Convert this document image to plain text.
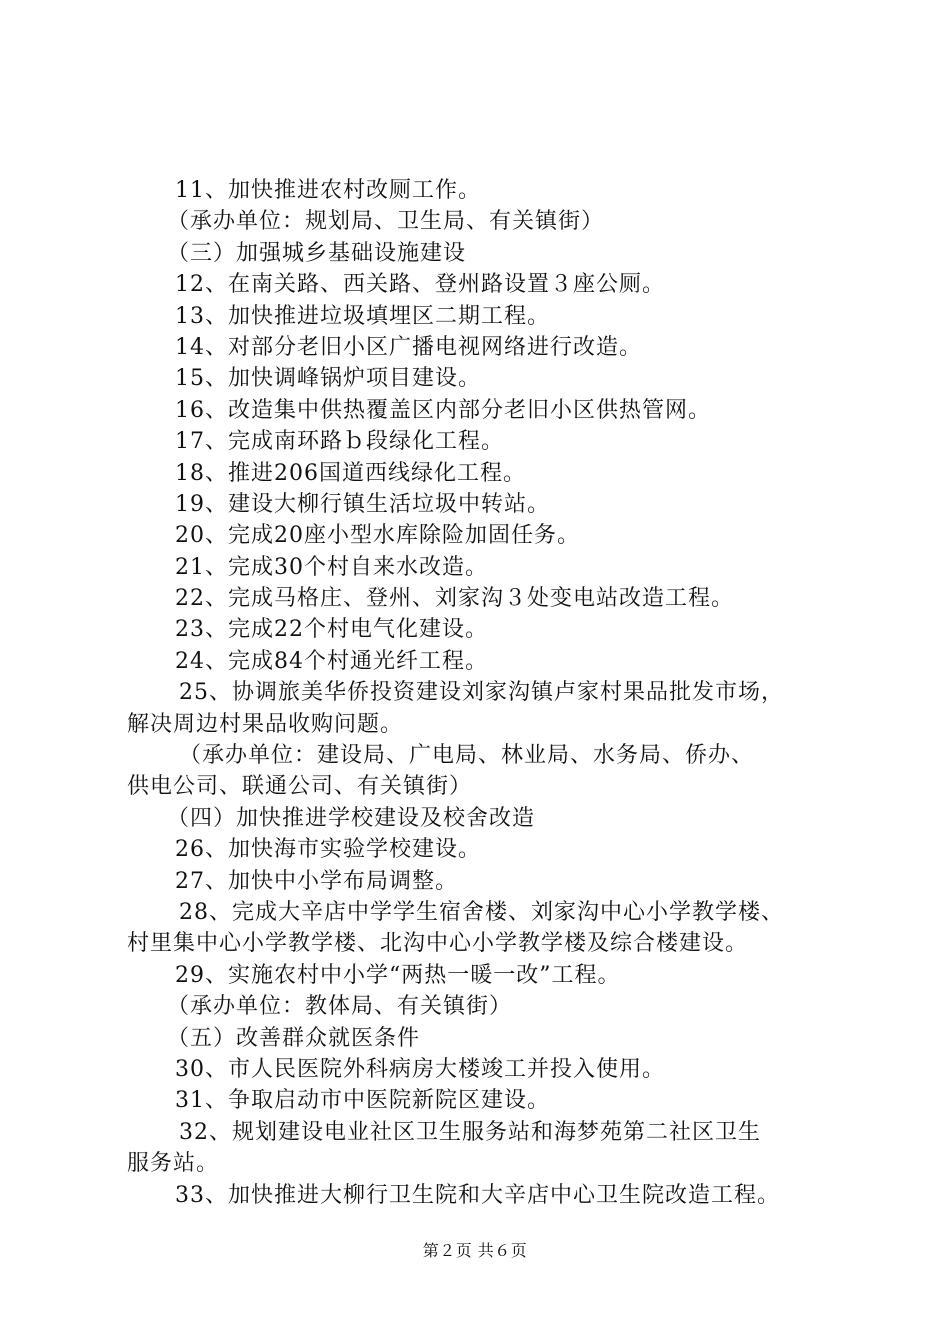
11、加快推进农村改厕工作。
（承办单位：规划局、卫生局、有关镇街）
（三）加强城乡基础设施建设
12、在南关路、西关路、登州路设置３座公厕。
13、加快推进垃圾填埋区二期工程。
14、对部分老旧小区广播电视网络进行改造。
15、加快调峰锅炉项目建设。
16、改造集中供热覆盖区内部分老旧小区供热管网。
17、完成南环路ｂ段绿化工程。
18、推进206国道西线绿化工程。
19、建设大柳行镇生活垃圾中转站。
20、完成20座小型水库除险加固任务。
21、完成30个村自来水改造。
22、完成马格庄、登州、刘家沟３处变电站改造工程。
23、完成22个村电气化建设。
24、完成84个村通光纤工程。
25、协调旅美华侨投资建设刘家沟镇卢家村果品批发市场，
解决周边村果品收购问题。
（承办单位：建设局、广电局、林业局、水务局、侨办、
供电公司、联通公司、有关镇街）
（四）加快推进学校建设及校舍改造
26、加快海市实验学校建设。
27、加快中小学布局调整。
28、完成大辛店中学学生宿舍楼、刘家沟中心小学教学楼、
村里集中心小学教学楼、北沟中心小学教学楼及综合楼建设。
29、实施农村中小学“两热一暖一改”工程。
（承办单位：教体局、有关镇街）
（五）改善群众就医条件
30、市人民医院外科病房大楼竣工并投入使用。
31、争取启动市中医院新院区建设。
32、规划建设电业社区卫生服务站和海梦苑第二社区卫生
服务站。
33、加快推进大柳行卫生院和大辛店中心卫生院改造工程。
第２页 共６页
